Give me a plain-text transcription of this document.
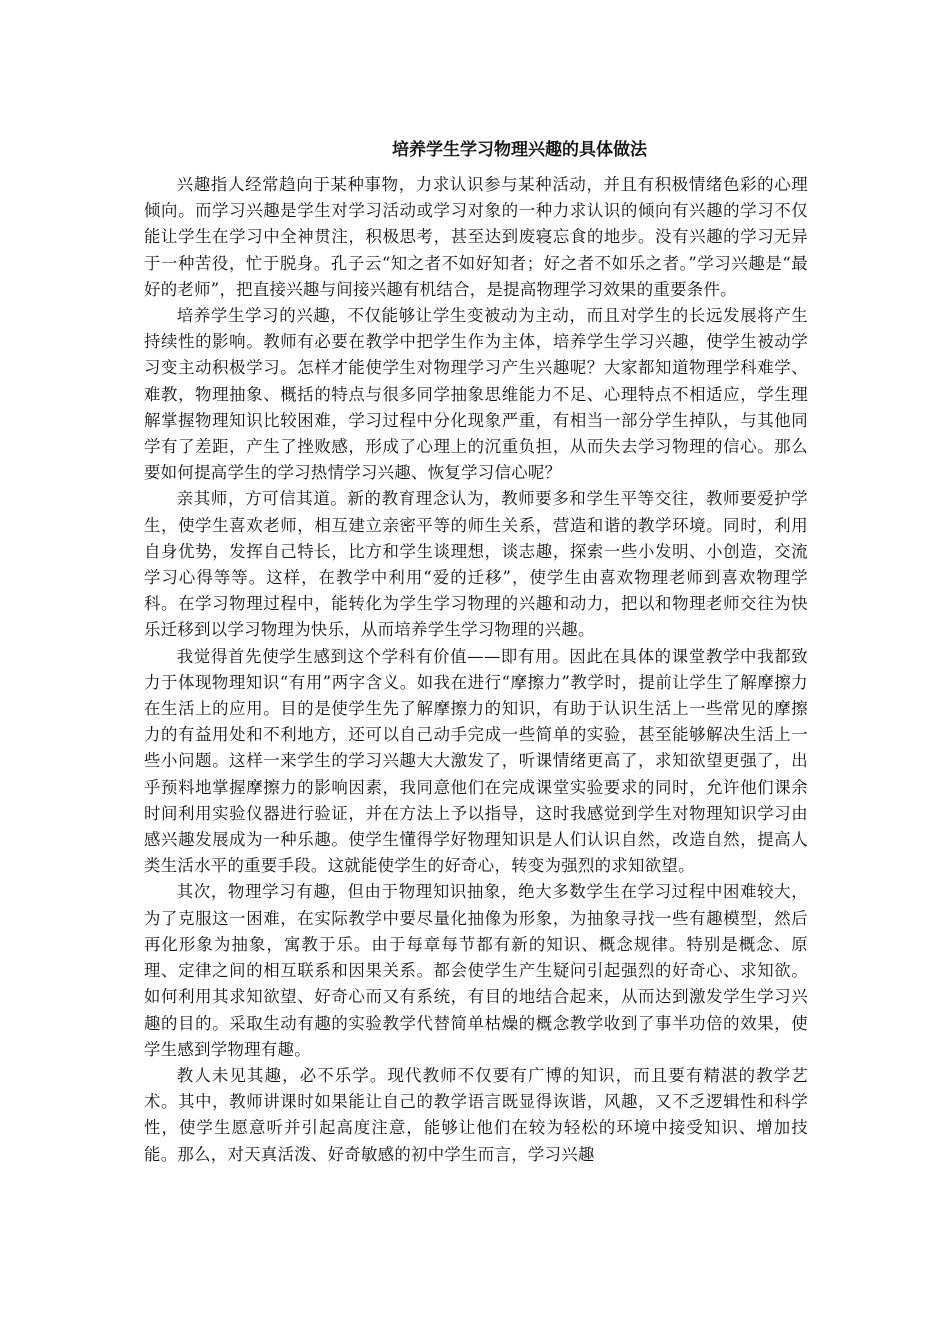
培养学生学习物理兴趣的具体做法

兴趣指人经常趋向于某种事物，力求认识参与某种活动，并且有积极情绪色彩的心理倾向。而学习兴趣是学生对学习活动或学习对象的一种力求认识的倾向有兴趣的学习不仅能让学生在学习中全神贯注，积极思考，甚至达到废寝忘食的地步。没有兴趣的学习无异于一种苦役，忙于脱身。孔子云“知之者不如好知者；好之者不如乐之者。”学习兴趣是“最好的老师”，把直接兴趣与间接兴趣有机结合，是提高物理学习效果的重要条件。

培养学生学习的兴趣，不仅能够让学生变被动为主动，而且对学生的长远发展将产生持续性的影响。教师有必要在教学中把学生作为主体，培养学生学习兴趣，使学生被动学习变主动积极学习。怎样才能使学生对物理学习产生兴趣呢？大家都知道物理学科难学、难教，物理抽象、概括的特点与很多同学抽象思维能力不足、心理特点不相适应，学生理解掌握物理知识比较困难，学习过程中分化现象严重，有相当一部分学生掉队，与其他同学有了差距，产生了挫败感，形成了心理上的沉重负担，从而失去学习物理的信心。那么要如何提高学生的学习热情学习兴趣、恢复学习信心呢？

亲其师，方可信其道。新的教育理念认为，教师要多和学生平等交往，教师要爱护学生，使学生喜欢老师，相互建立亲密平等的师生关系，营造和谐的教学环境。同时，利用自身优势，发挥自己特长，比方和学生谈理想，谈志趣，探索一些小发明、小创造，交流学习心得等等。这样，在教学中利用“爱的迁移”，使学生由喜欢物理老师到喜欢物理学科。在学习物理过程中，能转化为学生学习物理的兴趣和动力，把以和物理老师交往为快乐迁移到以学习物理为快乐，从而培养学生学习物理的兴趣。

我觉得首先使学生感到这个学科有价值——即有用。因此在具体的课堂教学中我都致力于体现物理知识“有用”两字含义。如我在进行“摩擦力”教学时，提前让学生了解摩擦力在生活上的应用。目的是使学生先了解摩擦力的知识，有助于认识生活上一些常见的摩擦力的有益用处和不利地方，还可以自己动手完成一些简单的实验，甚至能够解决生活上一些小问题。这样一来学生的学习兴趣大大激发了，听课情绪更高了，求知欲望更强了，出乎预料地掌握摩擦力的影响因素，我同意他们在完成课堂实验要求的同时，允许他们课余时间利用实验仪器进行验证，并在方法上予以指导，这时我感觉到学生对物理知识学习由感兴趣发展成为一种乐趣。使学生懂得学好物理知识是人们认识自然，改造自然，提高人类生活水平的重要手段。这就能使学生的好奇心，转变为强烈的求知欲望。

其次，物理学习有趣，但由于物理知识抽象，绝大多数学生在学习过程中困难较大，为了克服这一困难，在实际教学中要尽量化抽像为形象，为抽象寻找一些有趣模型，然后再化形象为抽象，寓教于乐。由于每章每节都有新的知识、概念规律。特别是概念、原理、定律之间的相互联系和因果关系。都会使学生产生疑问引起强烈的好奇心、求知欲。如何利用其求知欲望、好奇心而又有系统，有目的地结合起来，从而达到激发学生学习兴趣的目的。采取生动有趣的实验教学代替简单枯燥的概念教学收到了事半功倍的效果，使学生感到学物理有趣。

教人未见其趣，必不乐学。现代教师不仅要有广博的知识，而且要有精湛的教学艺术。其中，教师讲课时如果能让自己的教学语言既显得诙谐，风趣，又不乏逻辑性和科学性，使学生愿意听并引起高度注意，能够让他们在较为轻松的环境中接受知识、增加技能。那么，对天真活泼、好奇敏感的初中学生而言，学习兴趣
